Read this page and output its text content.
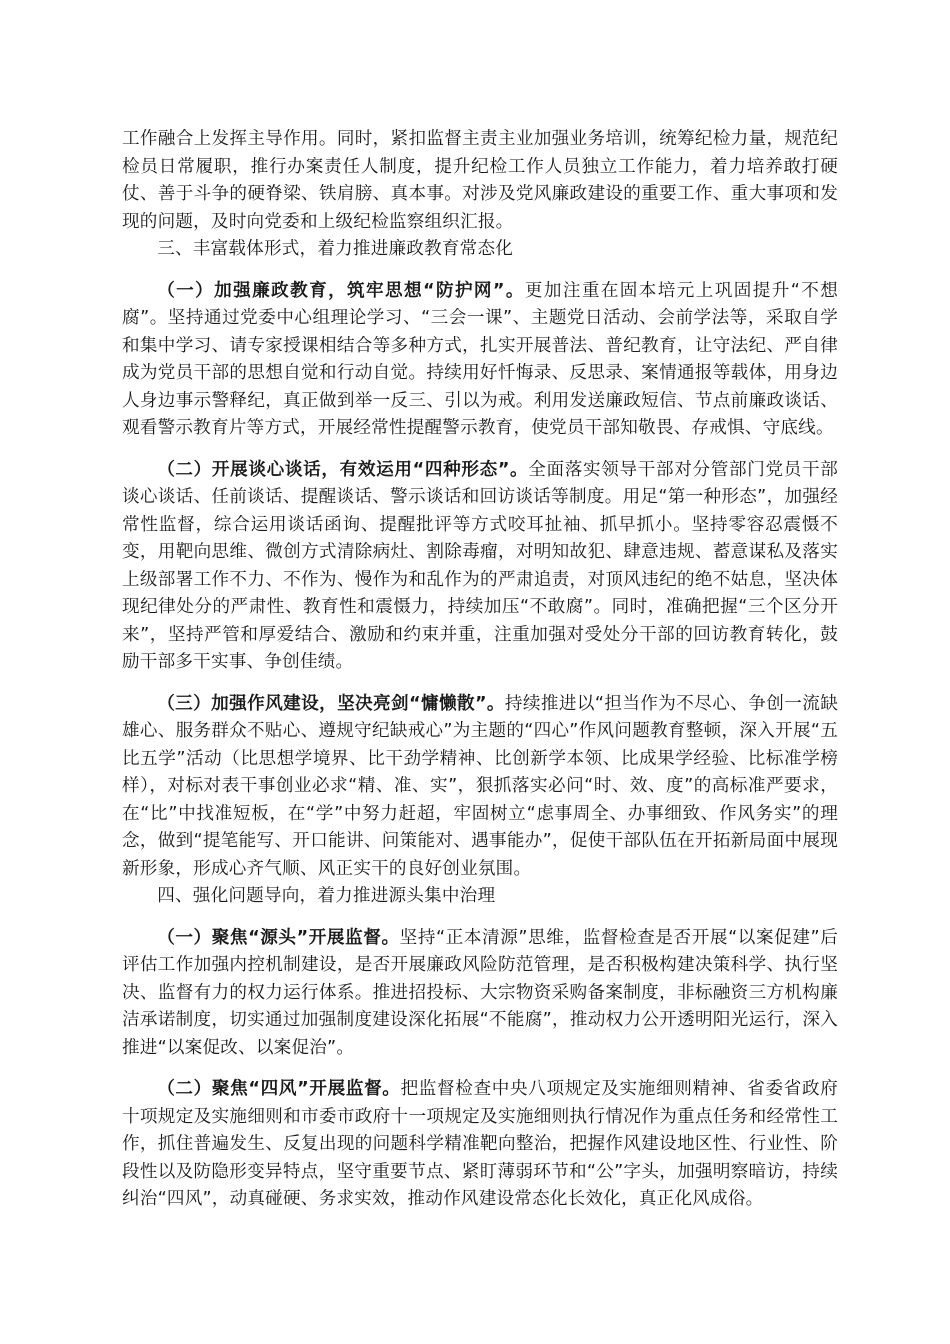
工作融合上发挥主导作用。同时，紧扣监督主责主业加强业务培训，统筹纪检力量，规范纪检员日常履职，推行办案责任人制度，提升纪检工作人员独立工作能力，着力培养敢打硬仗、善于斗争的硬脊梁、铁肩膀、真本事。对涉及党风廉政建设的重要工作、重大事项和发现的问题，及时向党委和上级纪检监察组织汇报。

三、丰富载体形式，着力推进廉政教育常态化

（一）加强廉政教育，筑牢思想“防护网”。更加注重在固本培元上巩固提升“不想腐”。坚持通过党委中心组理论学习、“三会一课”、主题党日活动、会前学法等，采取自学和集中学习、请专家授课相结合等多种方式，扎实开展普法、普纪教育，让守法纪、严自律成为党员干部的思想自觉和行动自觉。持续用好忏悔录、反思录、案情通报等载体，用身边人身边事示警释纪，真正做到举一反三、引以为戒。利用发送廉政短信、节点前廉政谈话、观看警示教育片等方式，开展经常性提醒警示教育，使党员干部知敬畏、存戒惧、守底线。

（二）开展谈心谈话，有效运用“四种形态”。全面落实领导干部对分管部门党员干部谈心谈话、任前谈话、提醒谈话、警示谈话和回访谈话等制度。用足“第一种形态”，加强经常性监督，综合运用谈话函询、提醒批评等方式咬耳扯袖、抓早抓小。坚持零容忍震慑不变，用靶向思维、微创方式清除病灶、割除毒瘤，对明知故犯、肆意违规、蓄意谋私及落实上级部署工作不力、不作为、慢作为和乱作为的严肃追责，对顶风违纪的绝不姑息，坚决体现纪律处分的严肃性、教育性和震慑力，持续加压“不敢腐”。同时，准确把握“三个区分开来”，坚持严管和厚爱结合、激励和约束并重，注重加强对受处分干部的回访教育转化，鼓励干部多干实事、争创佳绩。

（三）加强作风建设，坚决亮剑“慵懒散”。持续推进以“担当作为不尽心、争创一流缺雄心、服务群众不贴心、遵规守纪缺戒心”为主题的“四心”作风问题教育整顿，深入开展“五比五学”活动（比思想学境界、比干劲学精神、比创新学本领、比成果学经验、比标准学榜样），对标对表干事创业必求“精、准、实”，狠抓落实必问“时、效、度”的高标准严要求，在“比”中找准短板，在“学”中努力赶超，牢固树立“虑事周全、办事细致、作风务实”的理念，做到“提笔能写、开口能讲、问策能对、遇事能办”，促使干部队伍在开拓新局面中展现新形象，形成心齐气顺、风正实干的良好创业氛围。

四、强化问题导向，着力推进源头集中治理

（一）聚焦“源头”开展监督。坚持“正本清源”思维，监督检查是否开展“以案促建”后评估工作加强内控机制建设，是否开展廉政风险防范管理，是否积极构建决策科学、执行坚决、监督有力的权力运行体系。推进招投标、大宗物资采购备案制度，非标融资三方机构廉洁承诺制度，切实通过加强制度建设深化拓展“不能腐”，推动权力公开透明阳光运行，深入推进“以案促改、以案促治”。

（二）聚焦“四风”开展监督。把监督检查中央八项规定及实施细则精神、省委省政府十项规定及实施细则和市委市政府十一项规定及实施细则执行情况作为重点任务和经常性工作，抓住普遍发生、反复出现的问题科学精准靶向整治，把握作风建设地区性、行业性、阶段性以及防隐形变异特点，坚守重要节点、紧盯薄弱环节和“公”字头，加强明察暗访，持续纠治“四风”，动真碰硬、务求实效，推动作风建设常态化长效化，真正化风成俗。
